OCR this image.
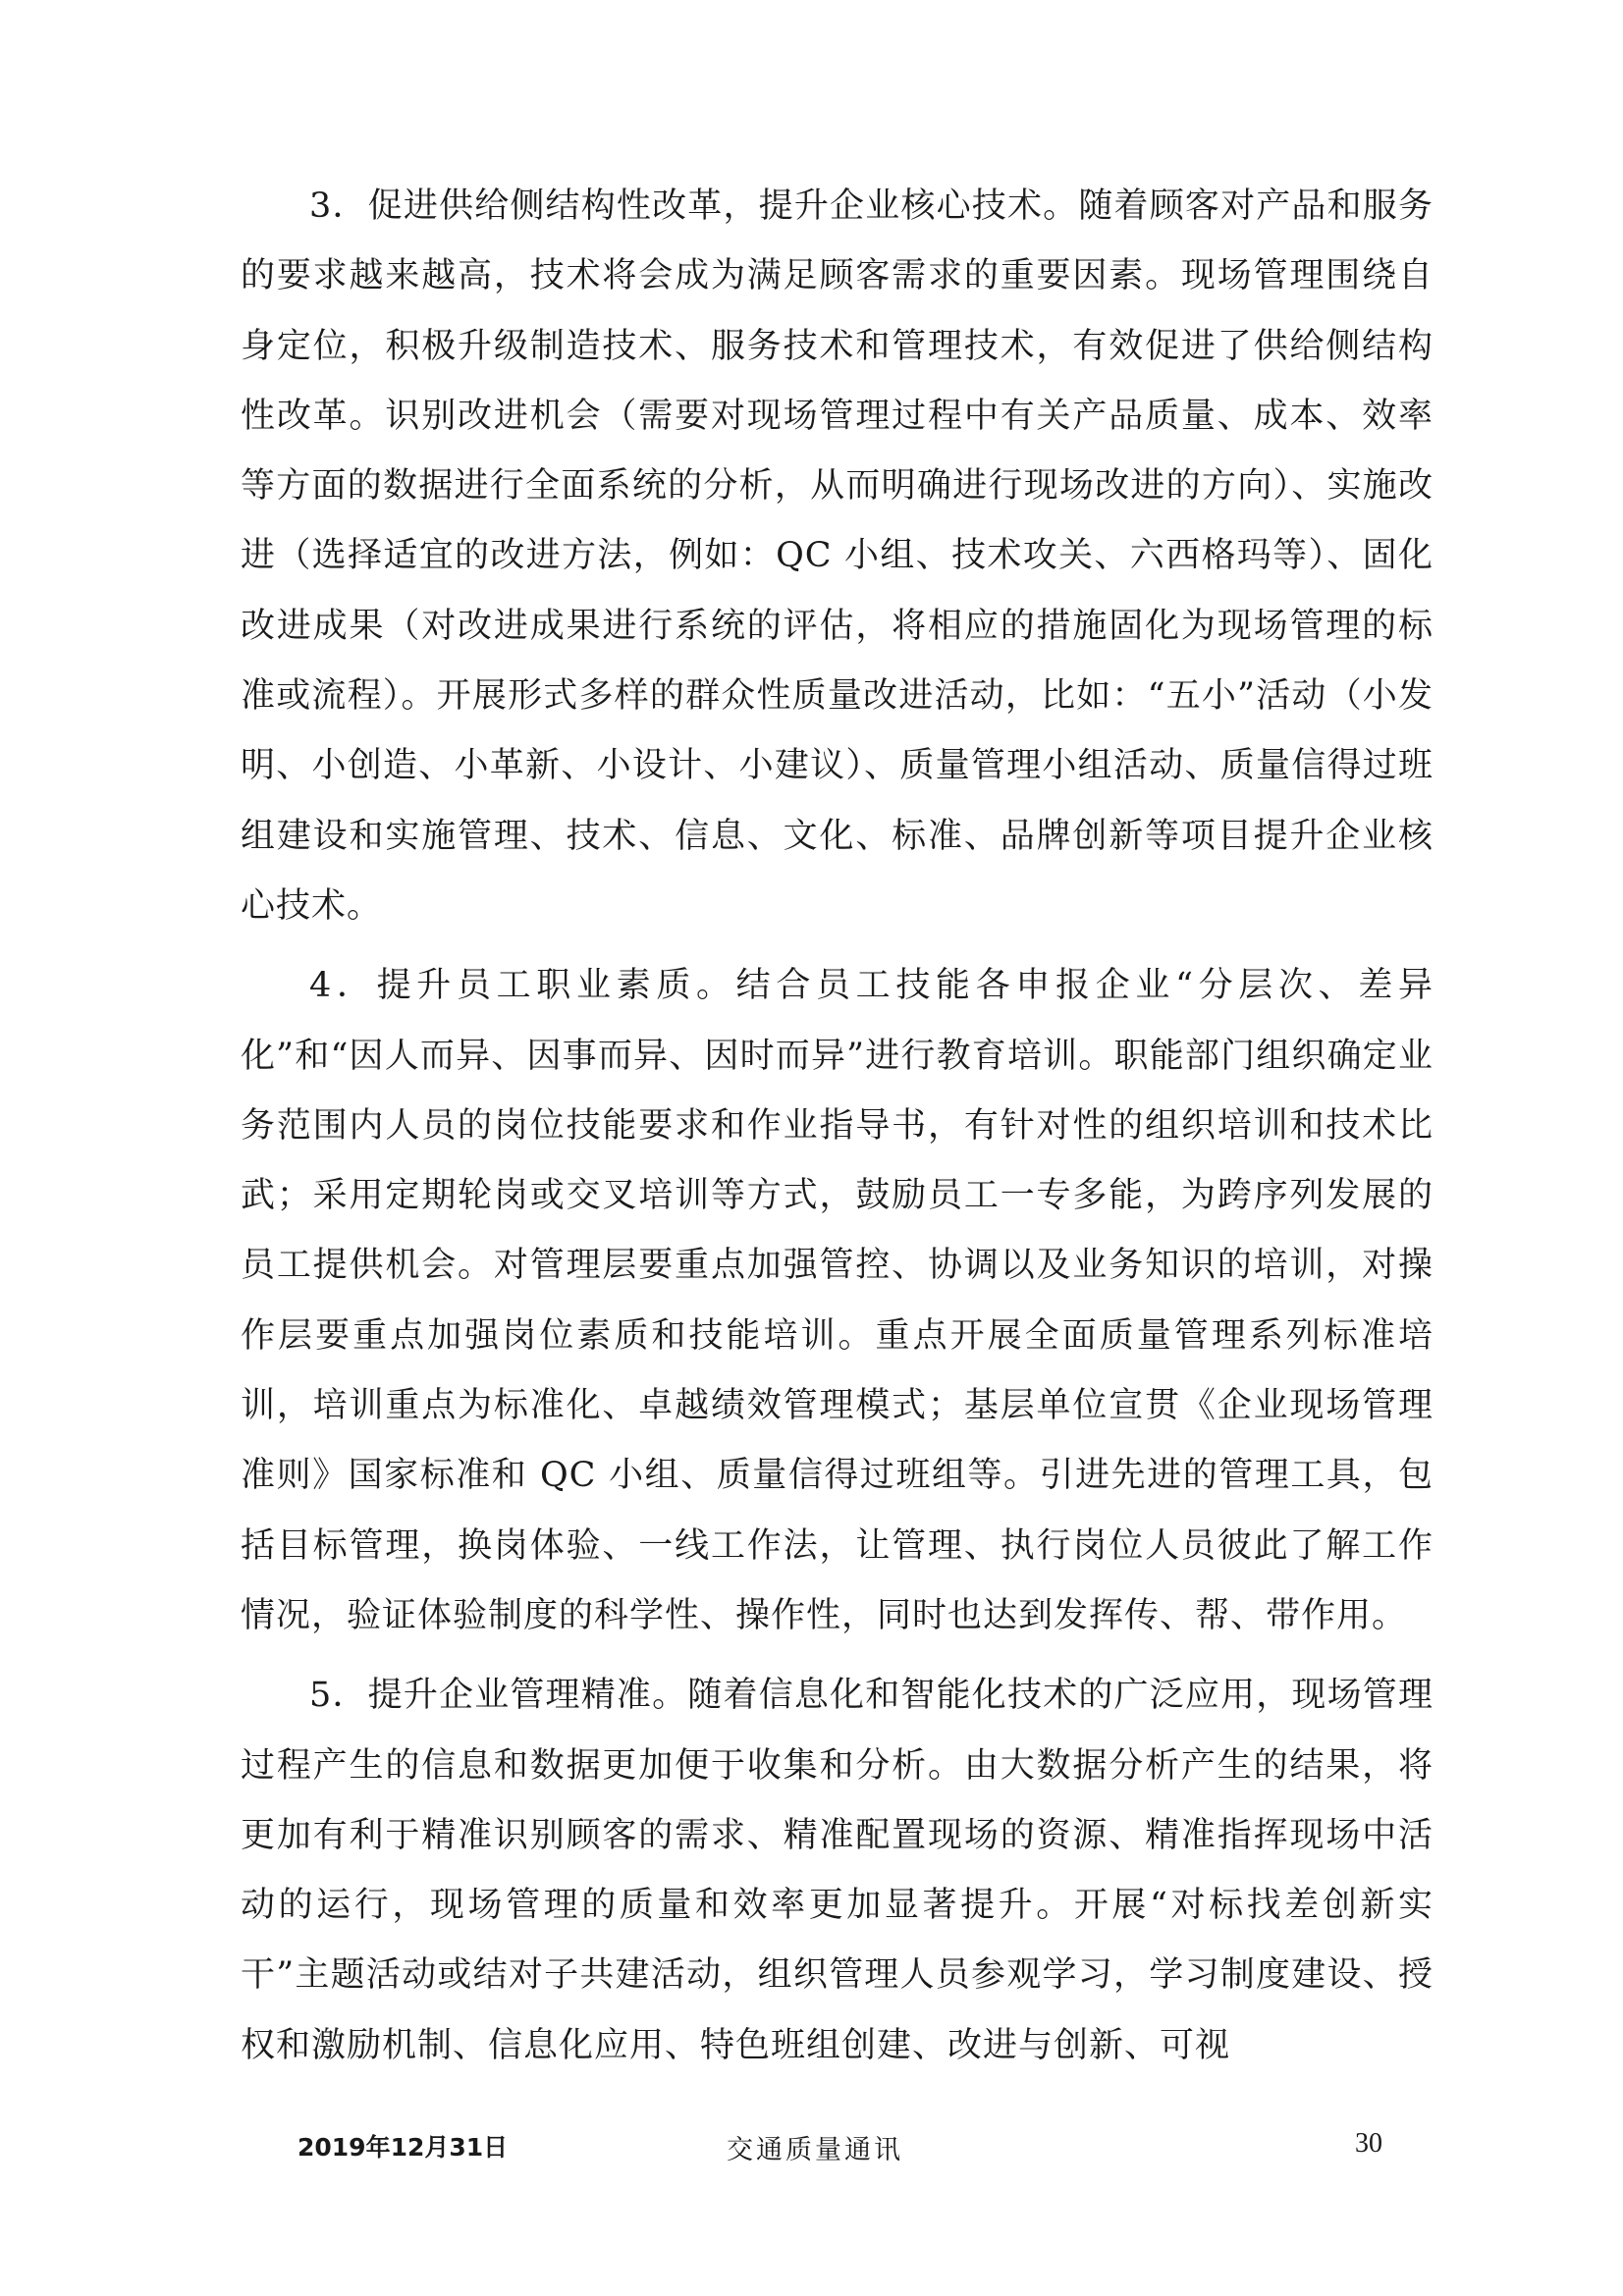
3．促进供给侧结构性改革，提升企业核心技术。随着顾客对产品和服务的要求越来越高，技术将会成为满足顾客需求的重要因素。现场管理围绕自身定位，积极升级制造技术、服务技术和管理技术，有效促进了供给侧结构性改革。识别改进机会（需要对现场管理过程中有关产品质量、成本、效率等方面的数据进行全面系统的分析，从而明确进行现场改进的方向）、实施改进（选择适宜的改进方法，例如：QC 小组、技术攻关、六西格玛等）、固化改进成果（对改进成果进行系统的评估，将相应的措施固化为现场管理的标准或流程）。开展形式多样的群众性质量改进活动，比如：“五小”活动（小发明、小创造、小革新、小设计、小建议）、质量管理小组活动、质量信得过班组建设和实施管理、技术、信息、文化、标准、品牌创新等项目提升企业核心技术。

4．提升员工职业素质。结合员工技能各申报企业“分层次、差异化”和“因人而异、因事而异、因时而异”进行教育培训。职能部门组织确定业务范围内人员的岗位技能要求和作业指导书，有针对性的组织培训和技术比武；采用定期轮岗或交叉培训等方式，鼓励员工一专多能，为跨序列发展的员工提供机会。对管理层要重点加强管控、协调以及业务知识的培训，对操作层要重点加强岗位素质和技能培训。重点开展全面质量管理系列标准培训，培训重点为标准化、卓越绩效管理模式；基层单位宣贯《企业现场管理准则》国家标准和 QC 小组、质量信得过班组等。引进先进的管理工具，包括目标管理，换岗体验、一线工作法，让管理、执行岗位人员彼此了解工作情况，验证体验制度的科学性、操作性，同时也达到发挥传、帮、带作用。

5．提升企业管理精准。随着信息化和智能化技术的广泛应用，现场管理过程产生的信息和数据更加便于收集和分析。由大数据分析产生的结果，将更加有利于精准识别顾客的需求、精准配置现场的资源、精准指挥现场中活动的运行，现场管理的质量和效率更加显著提升。开展“对标找差创新实干”主题活动或结对子共建活动，组织管理人员参观学习，学习制度建设、授权和激励机制、信息化应用、特色班组创建、改进与创新、可视

2019年12月31日	交通质量通讯	30
